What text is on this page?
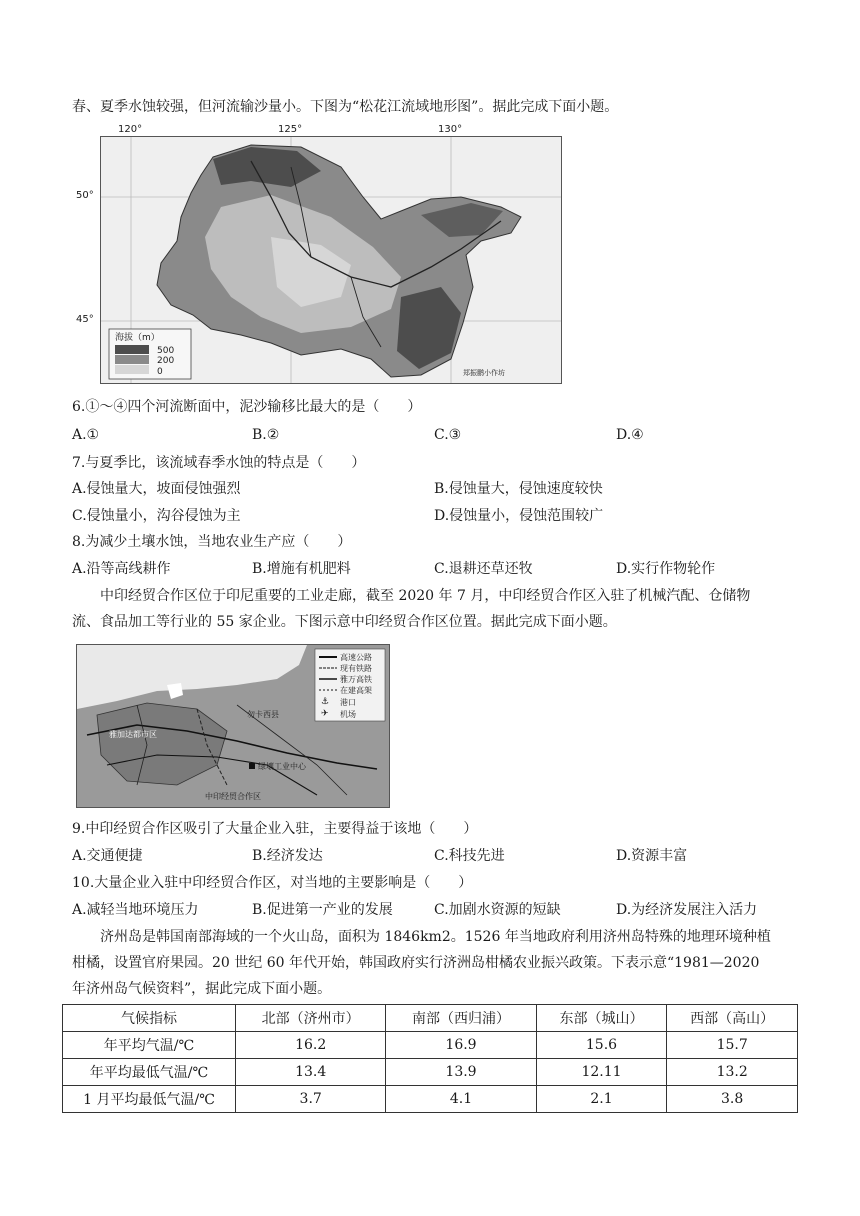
春、夏季水蚀较强，但河流输沙量小。下图为“松花江流域地形图”。据此完成下面小题。
海拔（m）
500
200
0	郑振鹏小作坊
120°	125°	130°
50°
45°
6.①～④四个河流断面中，泥沙输移比最大的是（　　）
A.①	B.②	C.③	D.④
7.与夏季比，该流域春季水蚀的特点是（　　）
A.侵蚀量大，坡面侵蚀强烈	B.侵蚀量大，侵蚀速度较快
C.侵蚀量小，沟谷侵蚀为主	D.侵蚀量小，侵蚀范围较广
8.为减少土壤水蚀，当地农业生产应（　　）
A.沿等高线耕作	B.增施有机肥料	C.退耕还草还牧	D.实行作物轮作
中印经贸合作区位于印尼重要的工业走廊，截至 2020 年 7 月，中印经贸合作区入驻了机械汽配、仓储物
流、食品加工等行业的 55 家企业。下图示意中印经贸合作区位置。据此完成下面小题。
⚓
✈
高速公路
现有铁路
雅万高铁
在建高架
港口
机场
勿卡西县
雅加达都市区
绿壤工业中心
中印经贸合作区
9.中印经贸合作区吸引了大量企业入驻，主要得益于该地（　　）
A.交通便捷	B.经济发达	C.科技先进	D.资源丰富
10.大量企业入驻中印经贸合作区，对当地的主要影响是（　　）
A.减轻当地环境压力	B.促进第一产业的发展	C.加剧水资源的短缺	D.为经济发展注入活力
济州岛是韩国南部海域的一个火山岛，面积为 1846km2。1526 年当地政府利用济州岛特殊的地理环境种植
柑橘，设置官府果园。20 世纪 60 年代开始，韩国政府实行济洲岛柑橘农业振兴政策。下表示意“1981—2020
年济州岛气候资料”，据此完成下面小题。
气候指标	北部（济州市）	南部（西归浦）	东部（城山）	西部（高山）
年平均气温/℃	16.2	16.9	15.6	15.7
年平均最低气温/℃	13.4	13.9	12.11	13.2
1 月平均最低气温/℃	3.7	4.1	2.1	3.8
